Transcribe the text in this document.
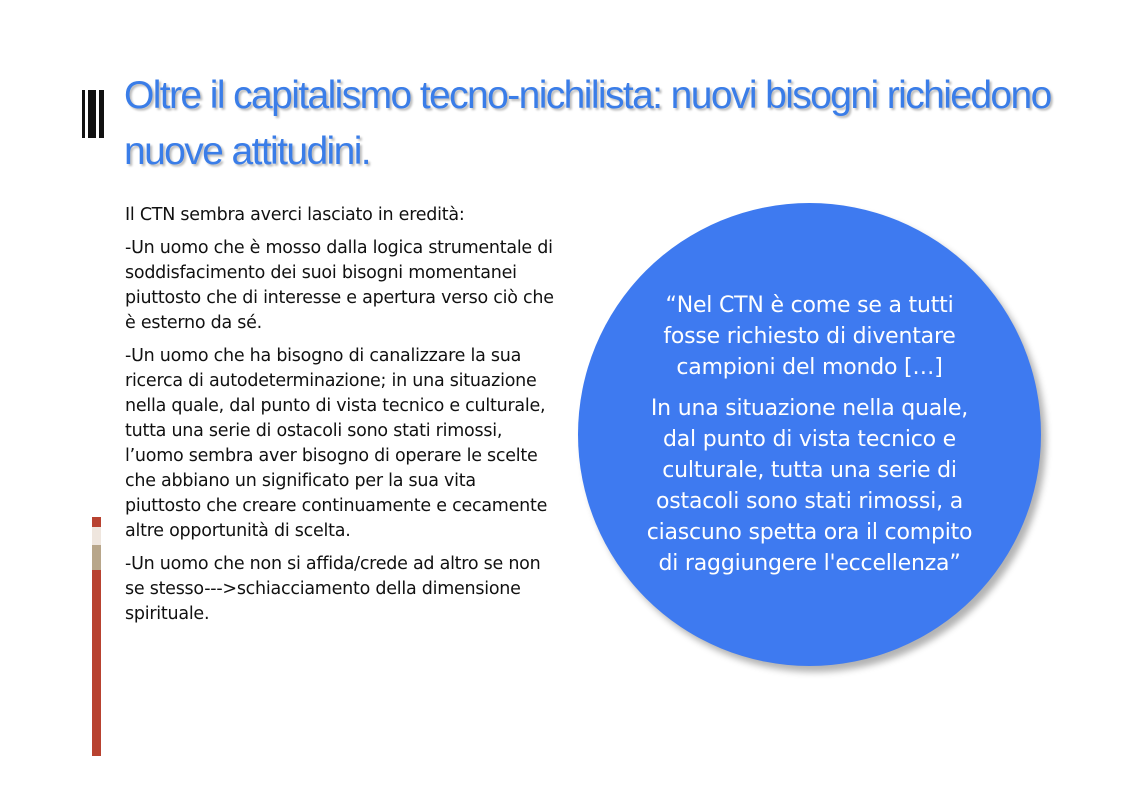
Oltre il capitalismo tecno-nichilista: nuovi bisogni richiedono nuove attitudini.

Il CTN sembra averci lasciato in eredità:

-Un uomo che è mosso dalla logica strumentale di soddisfacimento dei suoi bisogni momentanei piuttosto che di interesse e apertura verso ciò che è esterno da sé.

-Un uomo che ha bisogno di canalizzare la sua ricerca di autodeterminazione; in una situazione nella quale, dal punto di vista tecnico e culturale, tutta una serie di ostacoli sono stati rimossi, l’uomo sembra aver bisogno di operare le scelte che abbiano un significato per la sua vita piuttosto che creare continuamente e cecamente altre opportunità di scelta.

-Un uomo che non si affida/crede ad altro se non se stesso--->schiacciamento della dimensione spirituale.

“Nel CTN è come se a tutti fosse richiesto di diventare campioni del mondo […]

In una situazione nella quale, dal punto di vista tecnico e culturale, tutta una serie di ostacoli sono stati rimossi, a ciascuno spetta ora il compito di raggiungere l'eccellenza”
